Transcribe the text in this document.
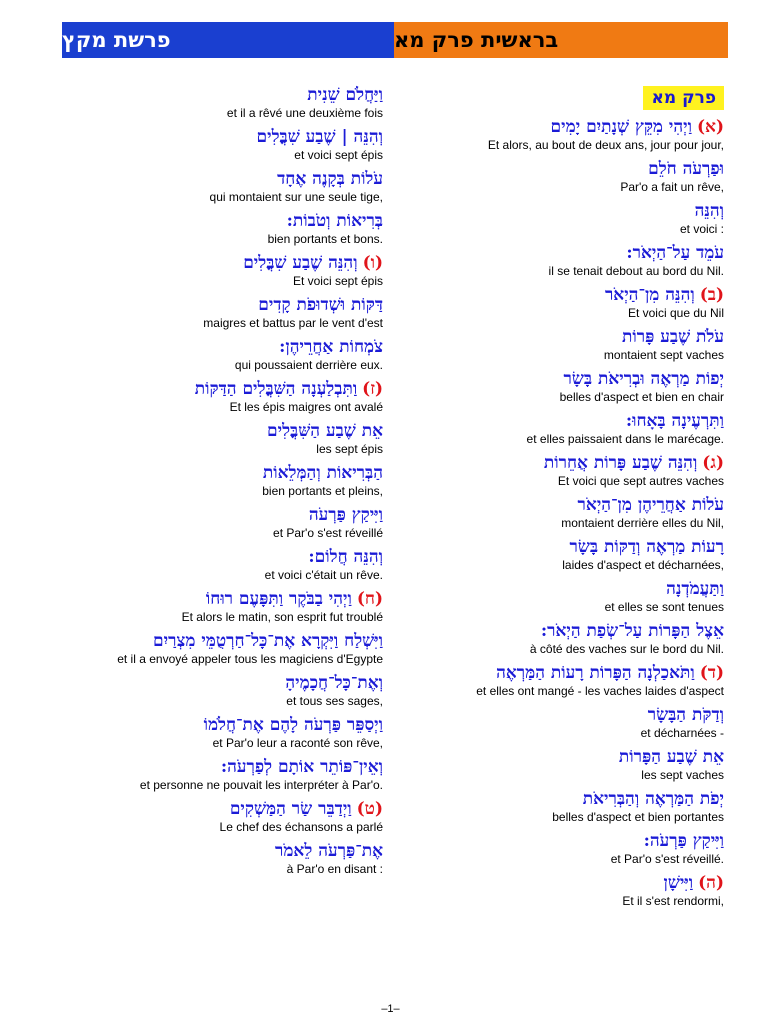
פרשת מקץ	בראשית פרק מא
וַיַּחֲלֹם שֵׁנִית
et il a rêvé une deuxième fois
וְהִנֵּה | שֶׁבַע שִׁבֳּלִים
et voici sept épis
עֹלוֹת בְּקָנֶה אֶחָד
qui montaient sur une seule tige,
בְּרִיאוֹת וְטֹבוֹת:
bien portants et bons.
(ו)וְהִנֵּה שֶׁבַע שִׁבֳּלִים
Et voici sept épis
דַּקּוֹת וּשְׁדוּפֹת קָדִים
maigres et battus par le vent d'est
צֹמְחוֹת אַחֲרֵיהֶן:
qui poussaient derrière eux.
(ז)וַתִּבְלַעְנָה הַשִּׁבֳּלִים הַדַּקּוֹת
Et les épis maigres ont avalé
אֵת שֶׁבַע הַשִּׁבֳּלִים
les sept épis
הַבְּרִיאוֹת וְהַמְּלֵאוֹת
bien portants et pleins,
וַיִּיקַץ פַּרְעֹה
et Par'o s'est réveillé
וְהִנֵּה חֲלוֹם:
et voici c'était un rêve.
(ח)וַיְהִי בַבֹּקֶר וַתִּפָּעֶם רוּחוֹ
Et alors le matin, son esprit fut troublé
וַיִּשְׁלַח וַיִּקְרָא אֶת־כָּל־חַרְטֻמֵּי מִצְרַיִם
et il a envoyé appeler tous les magiciens d'Egypte
וְאֶת־כָּל־חֲכָמֶיהָ
et tous ses sages,
וַיְסַפֵּר פַּרְעֹה לָהֶם אֶת־חֲלֹמוֹ
et Par'o leur a raconté son rêve,
וְאֵין־פּוֹתֵר אוֹתָם לְפַרְעֹה:
et personne ne pouvait les interpréter à Par'o.
(ט)וַיְדַבֵּר שַׂר הַמַּשְׁקִים
Le chef des échansons a parlé
אֶת־פַּרְעֹה לֵאמֹר
à Par'o en disant :
פרק מא
(א)וַיְהִי מִקֵּץ שְׁנָתַיִם יָמִים
Et alors, au bout de deux ans, jour pour jour,
וּפַרְעֹה חֹלֵם
Par'o a fait un rêve,
וְהִנֵּה
et voici :
עֹמֵד עַל־הַיְאֹר:
il se tenait debout au bord du Nil.
(ב)וְהִנֵּה מִן־הַיְאֹר
Et voici que du Nil
עֹלֹת שֶׁבַע פָּרוֹת
montaient sept vaches
יְפוֹת מַרְאֶה וּבְרִיאֹת בָּשָׂר
belles d'aspect et bien en chair
וַתִּרְעֶינָה בָּאָחוּ:
et elles paissaient dans le marécage.
(ג)וְהִנֵּה שֶׁבַע פָּרוֹת אֲחֵרוֹת
Et voici que sept autres vaches
עֹלוֹת אַחֲרֵיהֶן מִן־הַיְאֹר
montaient derrière elles du Nil,
רָעוֹת מַרְאֶה וְדַקּוֹת בָּשָׂר
laides d'aspect et décharnées,
וַתַּעֲמֹדְנָה
et elles se sont tenues
אֵצֶל הַפָּרוֹת עַל־שְׂפַת הַיְאֹר:
à côté des vaches sur le bord du Nil.
(ד)וַתֹּאכַלְנָה הַפָּרוֹת רָעוֹת הַמַּרְאֶה
et elles ont mangé - les vaches laides d'aspect
וְדַקֹּת הַבָּשָׂר
et décharnées -
אֵת שֶׁבַע הַפָּרוֹת
les sept vaches
יְפֹת הַמַּרְאֶה וְהַבְּרִיאֹת
belles d'aspect et bien portantes
וַיִּיקַץ פַּרְעֹה:
et Par'o s'est réveillé.
(ה)וַיִּישָׁן
Et il s'est rendormi,
–1–
